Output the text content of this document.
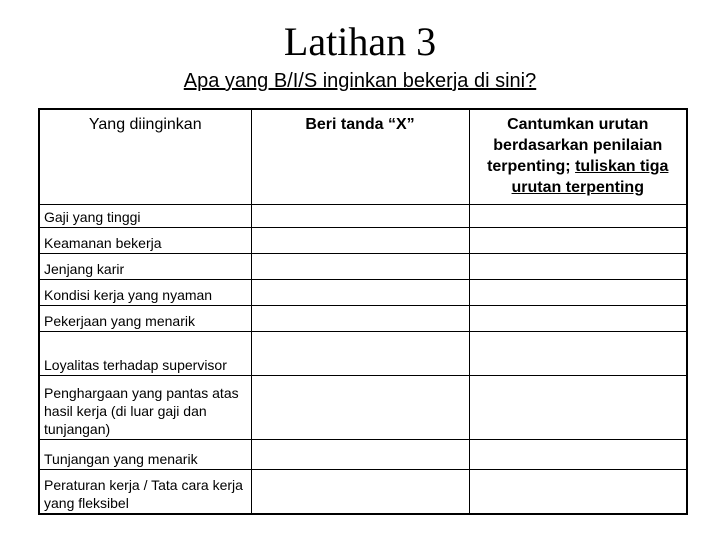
Latihan 3
Apa yang B/I/S inginkan bekerja di sini?
Yang diinginkan	Beri tanda “X”	Cantumkan urutan berdasarkan penilaian terpenting; tuliskan tiga urutan terpenting
Gaji yang tinggi		
Keamanan bekerja		
Jenjang karir		
Kondisi kerja yang nyaman		
Pekerjaan yang menarik		
Loyalitas terhadap supervisor		
Penghargaan yang pantas atas hasil kerja (di luar gaji dan tunjangan)		
Tunjangan yang menarik		
Peraturan kerja / Tata cara kerja yang fleksibel		
